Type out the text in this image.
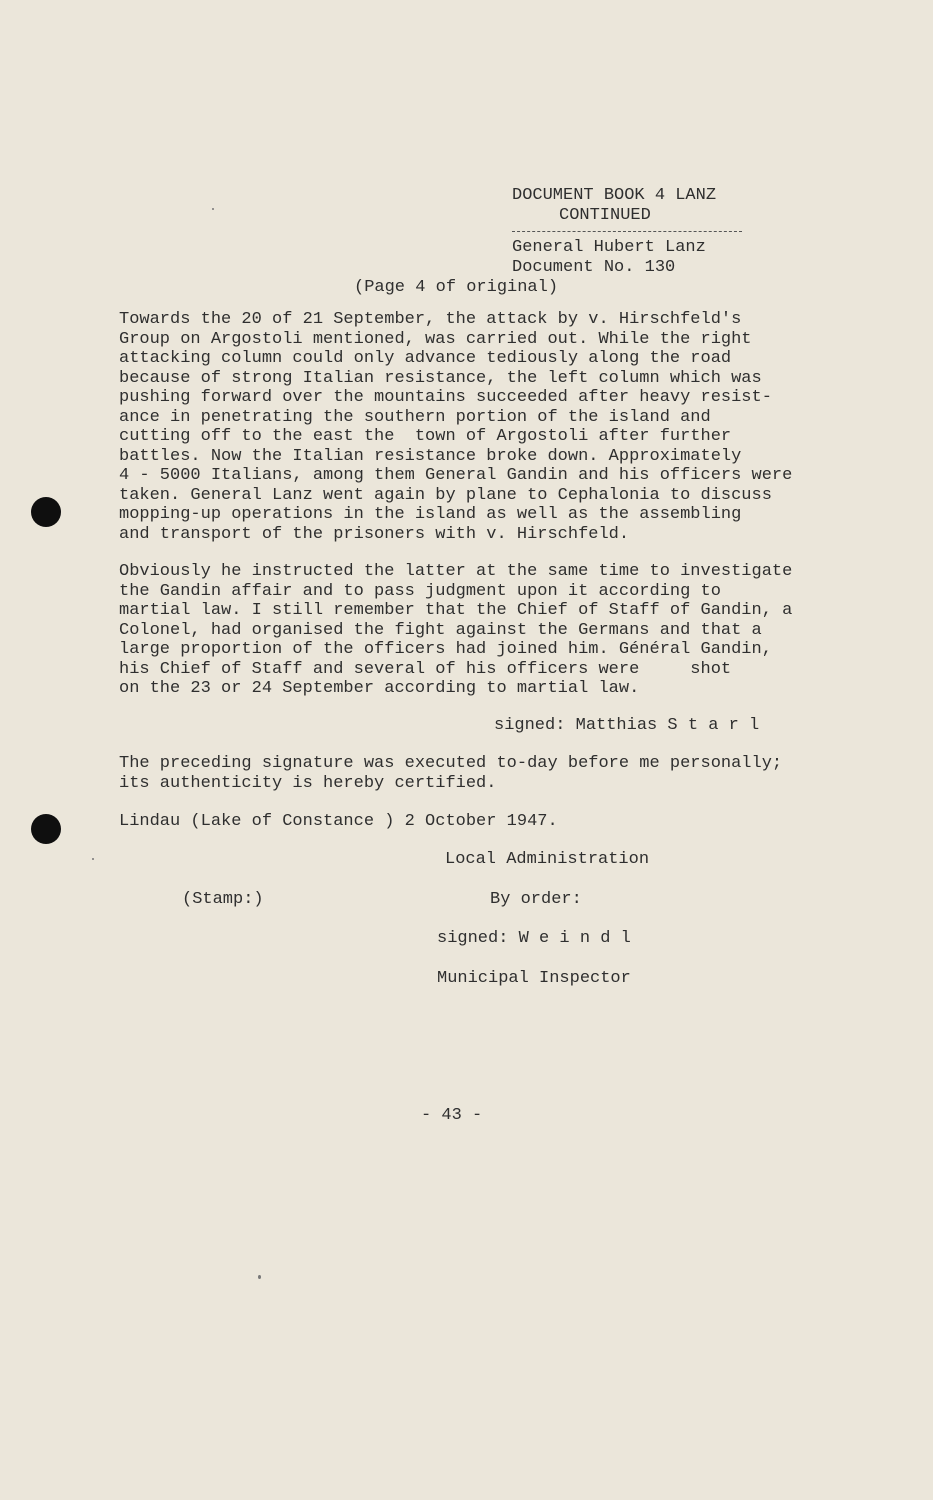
DOCUMENT BOOK 4 LANZ
CONTINUED
General Hubert Lanz
Document No. 130
(Page 4 of original)
Towards the 20 of 21 September, the attack by v. Hirschfeld's
Group on Argostoli mentioned, was carried out. While the right
attacking column could only advance tediously along the road
because of strong Italian resistance, the left column which was
pushing forward over the mountains succeeded after heavy resist-
ance in penetrating the southern portion of the island and
cutting off to the east the  town of Argostoli after further
battles. Now the Italian resistance broke down. Approximately
4 - 5000 Italians, among them General Gandin and his officers were
taken. General Lanz went again by plane to Cephalonia to discuss
mopping-up operations in the island as well as the assembling
and transport of the prisoners with v. Hirschfeld.
Obviously he instructed the latter at the same time to investigate
the Gandin affair and to pass judgment upon it according to
martial law. I still remember that the Chief of Staff of Gandin, a
Colonel, had organised the fight against the Germans and that a
large proportion of the officers had joined him. Général Gandin,
his Chief of Staff and several of his officers were     shot
on the 23 or 24 September according to martial law.
signed: Matthias S t a r l
The preceding signature was executed to-day before me personally;
its authenticity is hereby certified.
Lindau (Lake of Constance ) 2 October 1947.
Local Administration
(Stamp:)	By order:
signed: W e i n d l
Municipal Inspector
- 43 -
